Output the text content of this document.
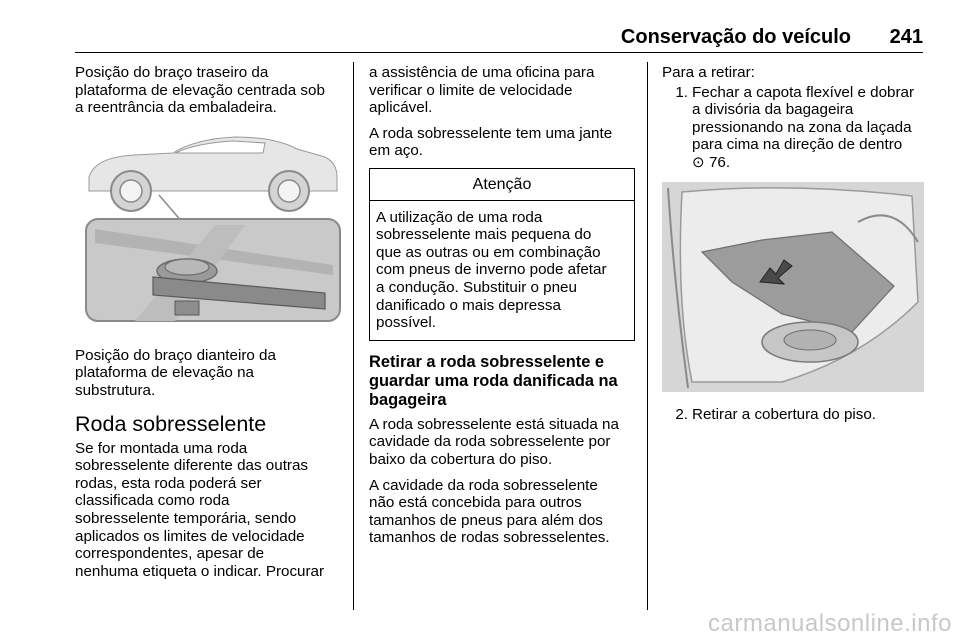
Conservação do veículo 241

Posição do braço traseiro da
plataforma de elevação centrada sob
a reentrância da embaladeira.

Posição do braço dianteiro da
plataforma de elevação na
substrutura.

Roda sobresselente

Se for montada uma roda
sobresselente diferente das outras
rodas, esta roda poderá ser
classificada como roda
sobresselente temporária, sendo
aplicados os limites de velocidade
correspondentes, apesar de
nenhuma etiqueta o indicar. Procurar

a assistência de uma oficina para
verificar o limite de velocidade
aplicável.

A roda sobresselente tem uma jante
em aço.

Atenção
A utilização de uma roda
sobresselente mais pequena do
que as outras ou em combinação
com pneus de inverno pode afetar
a condução. Substituir o pneu
danificado o mais depressa
possível.
Retirar a roda sobresselente e
guardar uma roda danificada na
bagageira

A roda sobresselente está situada na
cavidade da roda sobresselente por
baixo da cobertura do piso.

A cavidade da roda sobresselente
não está concebida para outros
tamanhos de pneus para além dos
tamanhos de rodas sobresselentes.

Para a retirar:

1. Fechar a capota flexível e dobrar
a divisória da bagageira
pressionando na zona da laçada
para cima na direção de dentro
⊙ 76.
2. Retirar a cobertura do piso.
carmanualsonline.info
